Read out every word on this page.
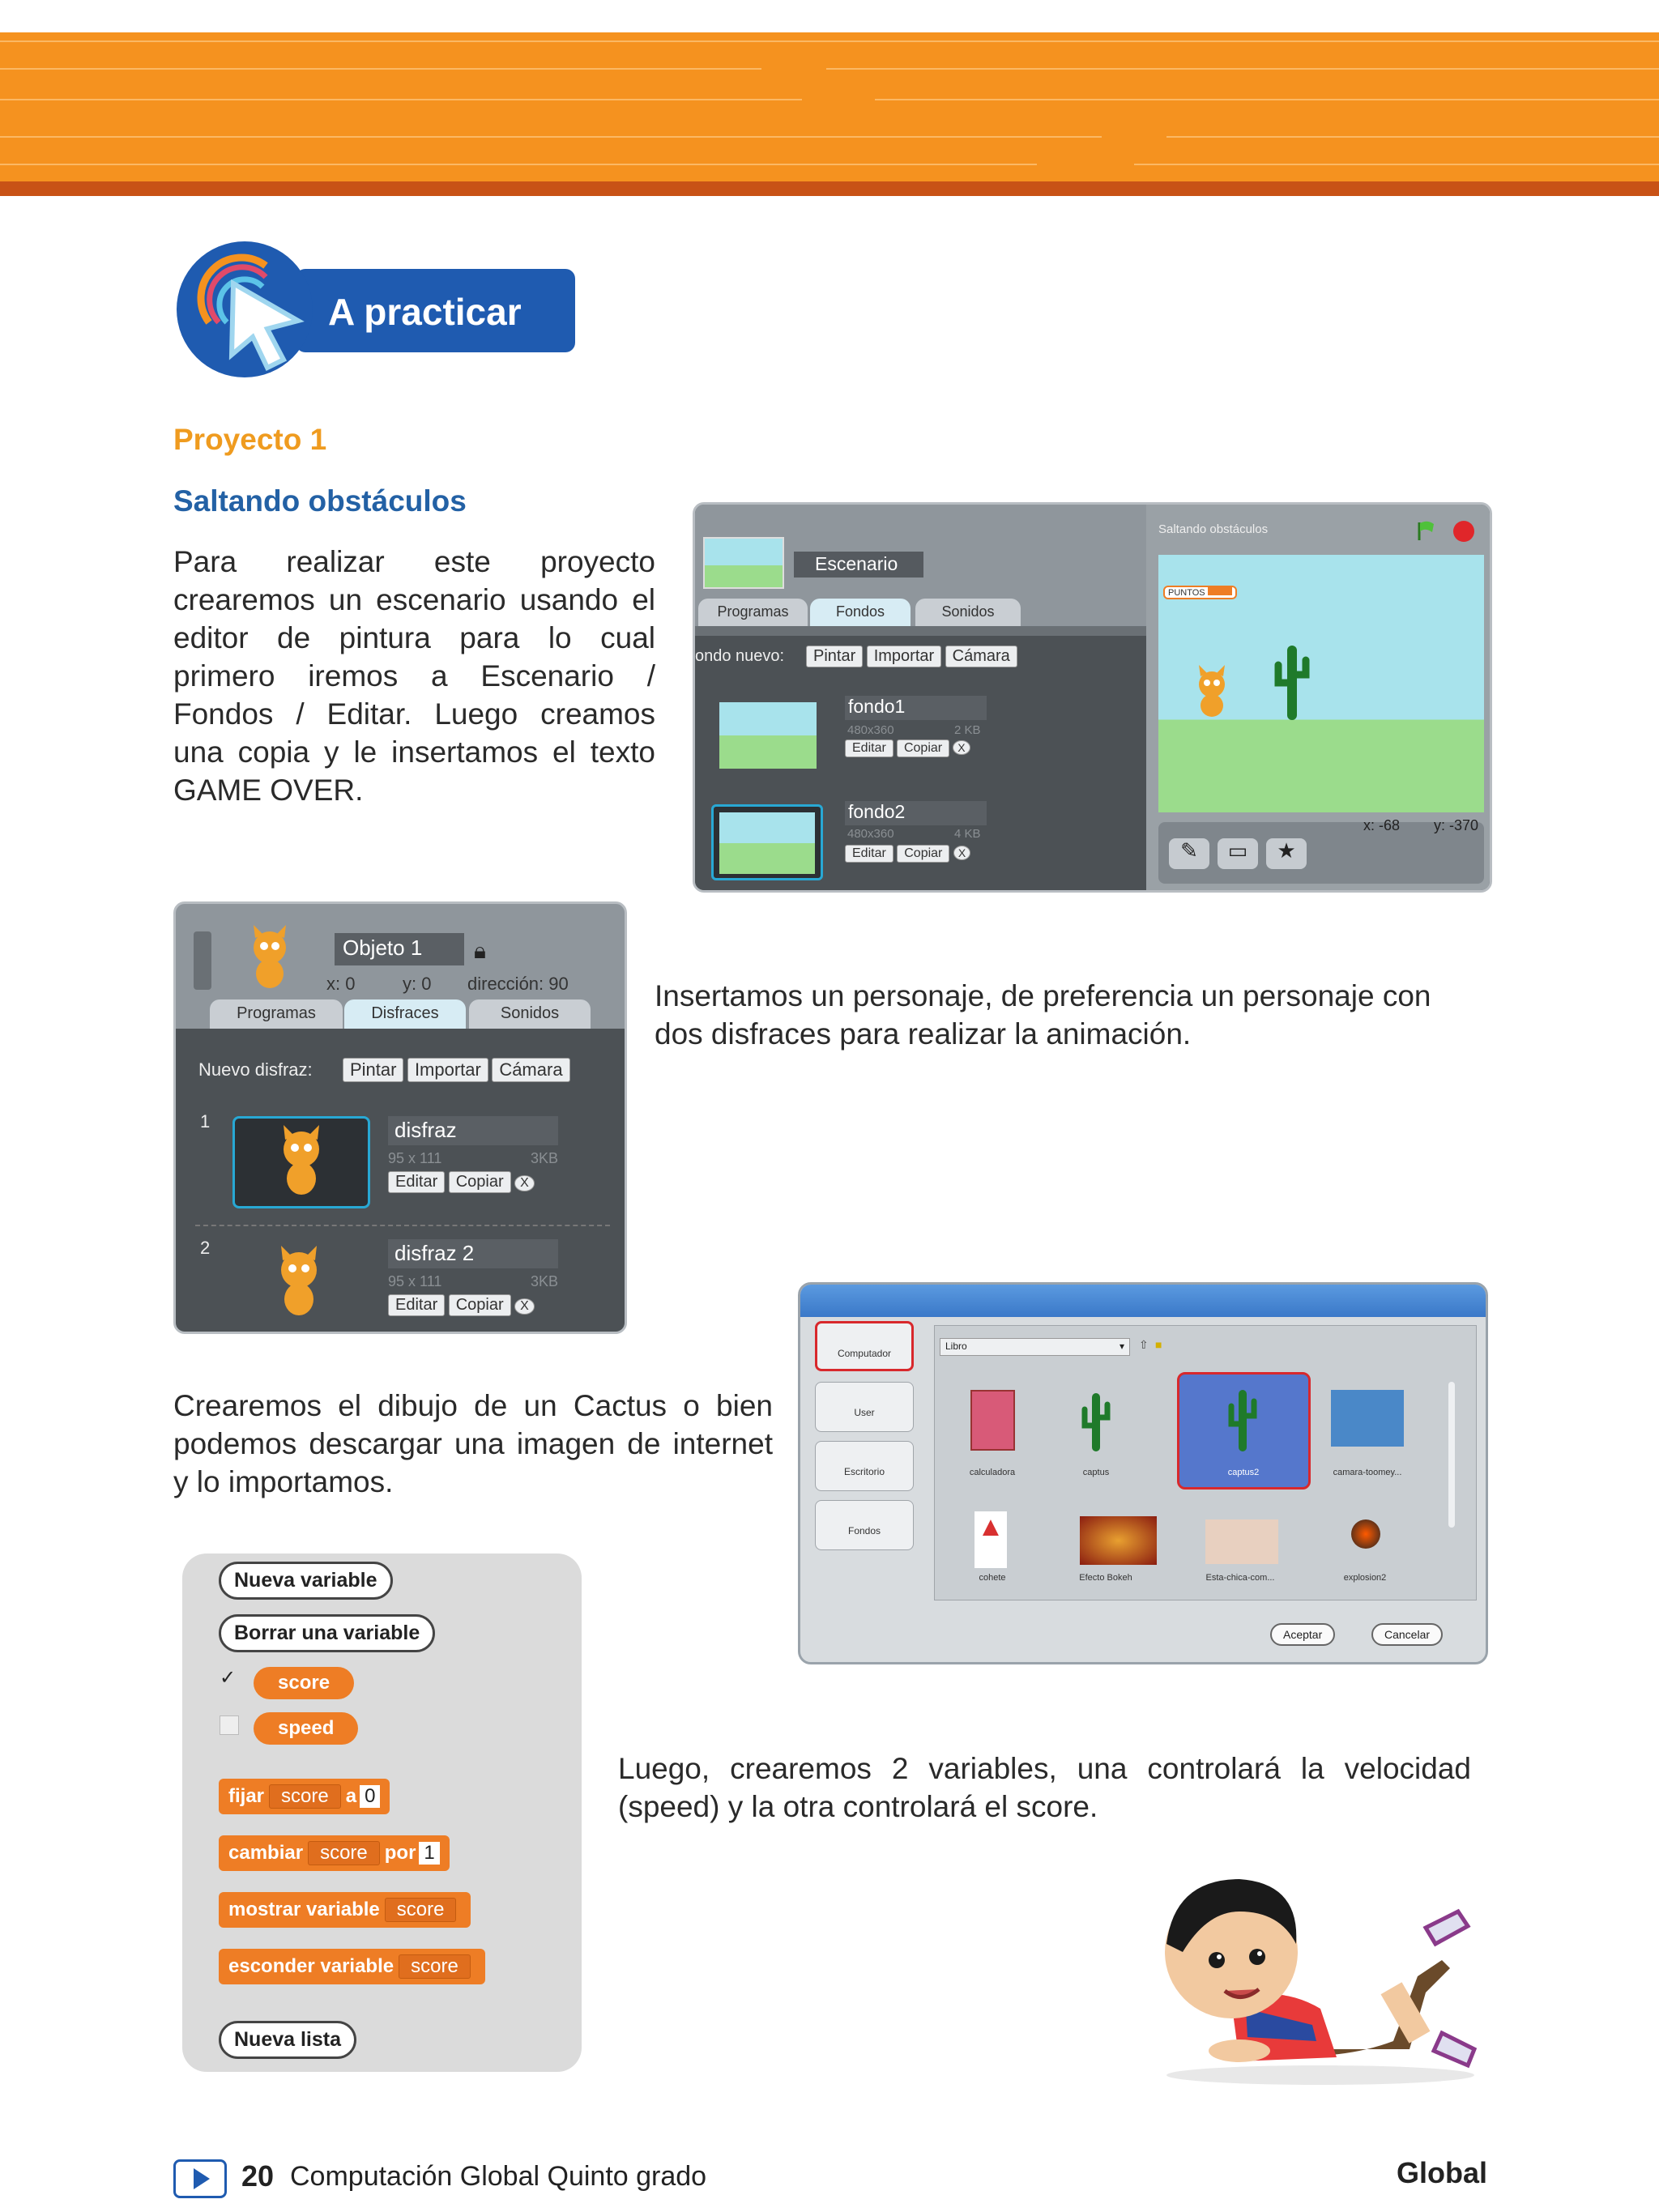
A practicar
Proyecto 1
Saltando obstáculos
Para realizar este proyecto crearemos un escenario usando el editor de pintura para lo cual primero iremos a Escenario / Fondos / Editar. Luego creamos una copia y le insertamos el texto GAME OVER.
Escenario
Programas	Fondos	Sonidos
ondo nuevo:	Pintar Importar Cámara
fondo1
480x360	2 KB
Editar Copiar X
fondo2
480x360	4 KB
Editar Copiar X
Saltando obstáculos
PUNTOS
✎	▭	★
x: -68 y: -370
Objeto 1	🔒︎
x: 0	y: 0 dirección: 90
Programas	Disfraces	Sonidos
Nuevo disfraz:	Pintar Importar Cámara
1	disfraz
95 x 111	3KB
Editar Copiar X
2	disfraz 2
95 x 111	3KB
Editar Copiar X
Insertamos un personaje, de preferencia un personaje con dos disfraces para realizar la animación.
Crearemos el dibujo de un Cactus o bien podemos descargar una imagen de internet y lo importamos.
Computador
User
Escritorio
Fondos
Libro	▾ ⇧ ■
calculadora	captus	captus2	camara-toomey...
▲
cohete	Efecto Bokeh	Esta-chica-com...	explosion2
Aceptar	Cancelar
Nueva variable
Borrar una variable
✓	score
speed
fijar score a 0
cambiar score por 1
mostrar variable score
esconder variable score
Nueva lista
Luego, crearemos 2 variables, una controlará la velocidad (speed) y la otra controlará el score.
20 Computación Global Quinto grado	Global
